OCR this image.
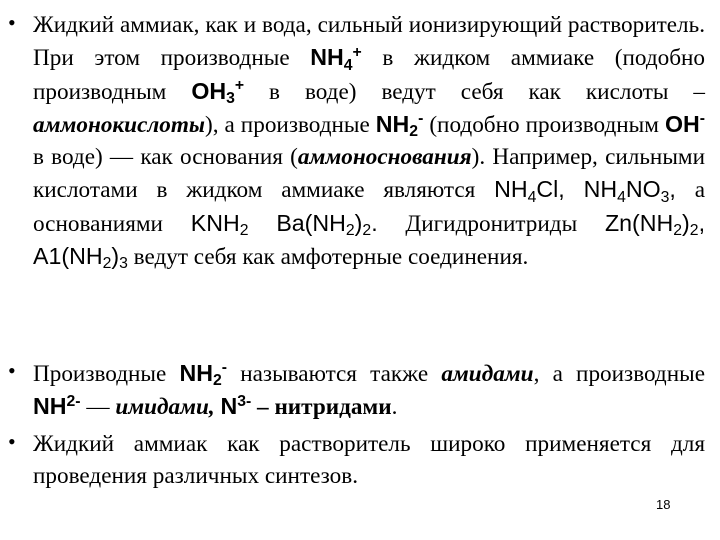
• Жидкий аммиак, как и вода, сильный ионизирующий растворитель. При этом производные $NH_4^+$ в жидком аммиаке (подобно производным $OH_3^+$ в воде) ведут себя как кислоты – аммонокислоты), а производные $NH_2^-$ (подобно производным OH- в воде) — как основания (аммоноснования). Например, сильными кислотами в жидком аммиаке являются $NH_4Cl$, $NH_4NO_3$, а основаниями $KNH_2$ $Ba(NH_2)_2$. Дигидронитриды $Zn(NH_2)_2$, $A1(NH_2)_3$ ведут себя как амфотерные соединения.
• Производные $NH_2^-$ называются также амидами, а производные $NH^{2-}$ — имидами, $N^{3-}$ – нитридами.
• Жидкий аммиак как растворитель широко применяется для проведения различных синтезов.
18
